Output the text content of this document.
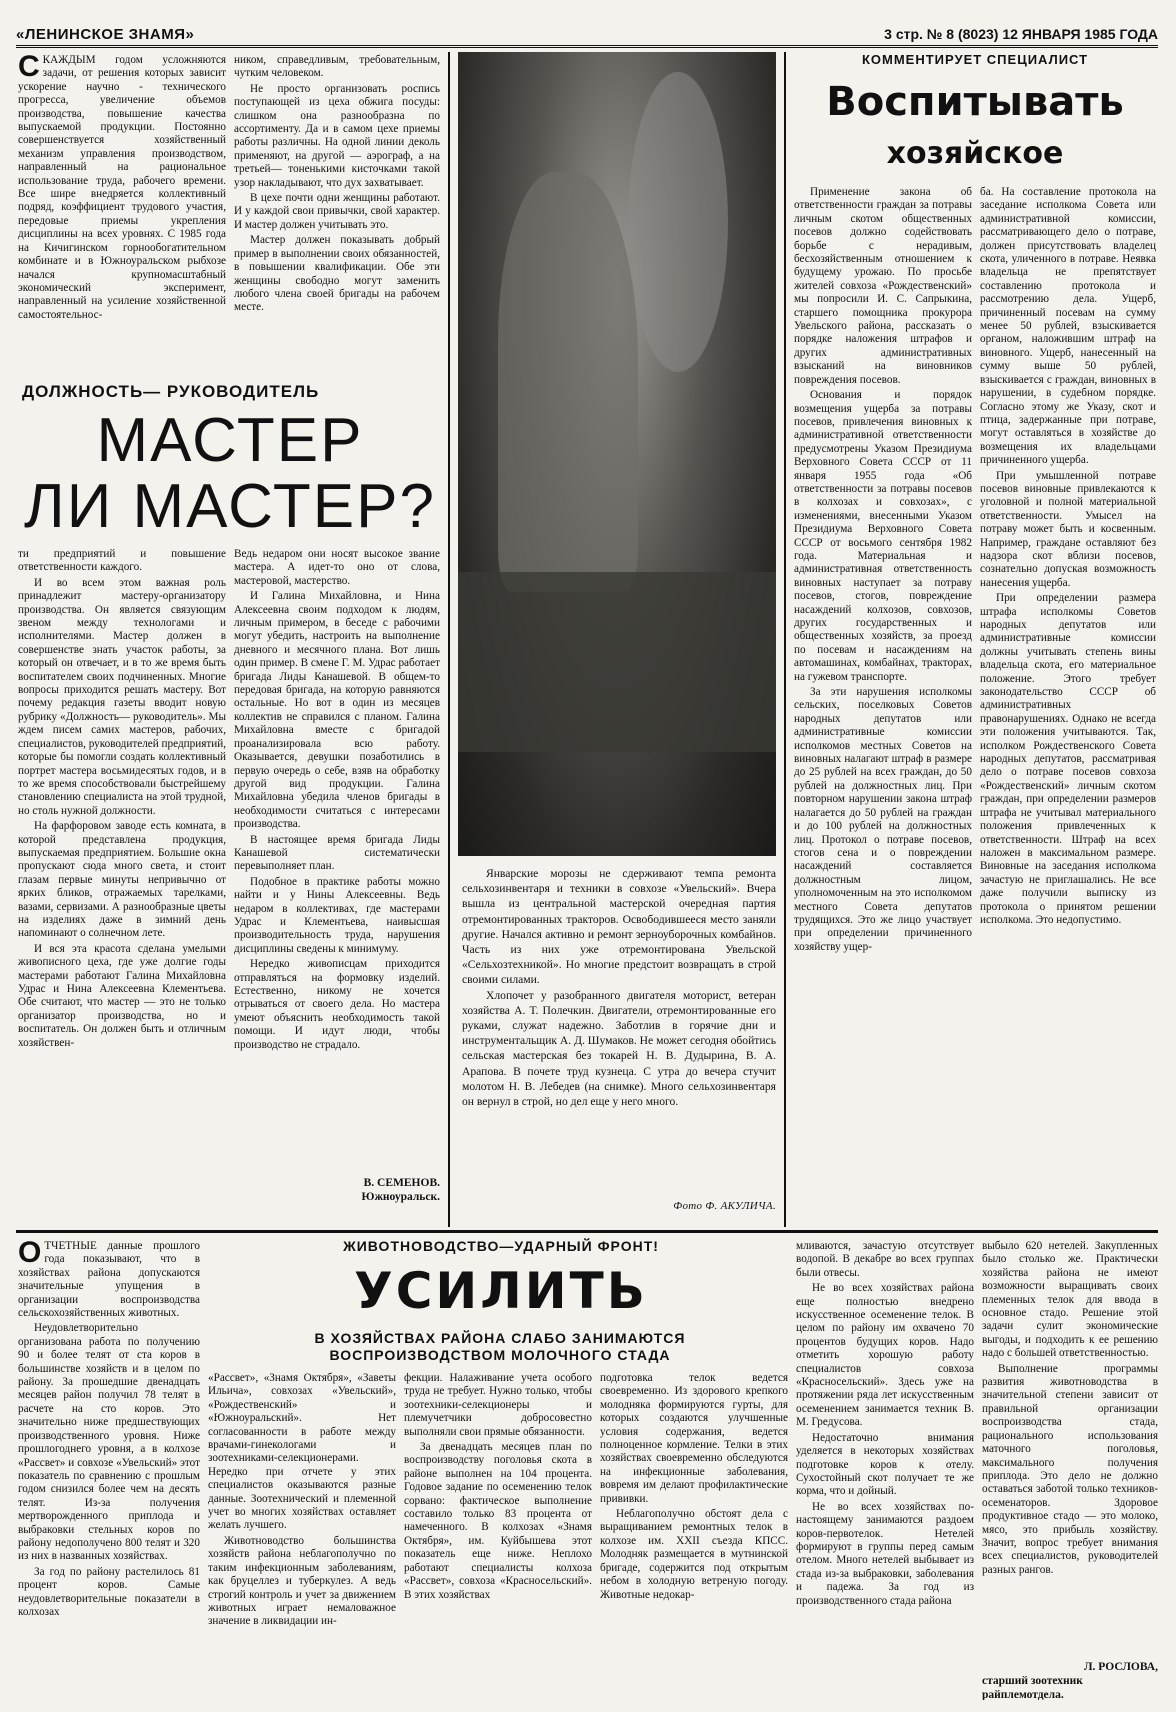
«ЛЕНИНСКОЕ ЗНАМЯ»	3 стр. № 8 (8023) 12 ЯНВАРЯ 1985 ГОДА

СКАЖДЫМ годом усложняются задачи, от решения которых зависит ускорение научно - технического прогресса, увеличение объемов производства, повышение качества выпускаемой продукции. Постоянно совершенствуется хозяйственный механизм управления производством, направленный на рациональное использование труда, рабочего времени. Все шире внедряется коллективный подряд, коэффициент трудового участия, передовые приемы укрепления дисциплины на всех уровнях. С 1985 года на Кичигинском горнообогатительном комбинате и в Южноуральском рыбхозе начался крупномасштабный экономический эксперимент, направленный на усиление хозяйственной самостоятельнос-

ником, справедливым, требовательным, чутким человеком.

Не просто организовать роспись поступающей из цеха обжига посуды: слишком она разнообразна по ассортименту. Да и в самом цехе приемы работы различны. На одной линии деколь применяют, на другой — аэрограф, а на третьей— тоненькими кисточками такой узор накладывают, что дух захватывает.

В цехе почти одни женщины работают. И у каждой свои привычки, свой характер. И мастер должен учитывать это.

Мастер должен показывать добрый пример в выполнении своих обязанностей, в повышении квалификации. Обе эти женщины свободно могут заменить любого члена своей бригады на рабочем месте.

ДОЛЖНОСТЬ— РУКОВОДИТЕЛЬ
МАСТЕР
ЛИ МАСТЕР?

ти предприятий и повышение ответственности каждого.

И во всем этом важная роль принадлежит мастеру-организатору производства. Он является связующим звеном между технологами и исполнителями. Мастер должен в совершенстве знать участок работы, за который он отвечает, и в то же время быть воспитателем своих подчиненных. Многие вопросы приходится решать мастеру. Вот почему редакция газеты вводит новую рубрику «Должность— руководитель». Мы ждем писем самих мастеров, рабочих, специалистов, руководителей предприятий, которые бы помогли создать коллективный портрет мастера восьмидесятых годов, и в то же время способствовали быстрейшему становлению специалиста на этой трудной, но столь нужной должности.

На фарфоровом заводе есть комната, в которой представлена продукция, выпускаемая предприятием. Большие окна пропускают сюда много света, и стоит глазам первые минуты непривычно от ярких бликов, отражаемых тарелками, вазами, сервизами. А разнообразные цветы на изделиях даже в зимний день напоминают о солнечном лете.

И вся эта красота сделана умелыми живописного цеха, где уже долгие годы мастерами работают Галина Михайловна Удрас и Нина Алексеевна Клементьева. Обе считают, что мастер — это не только организатор производства, но и воспитатель. Он должен быть и отличным хозяйствен-

Ведь недаром они носят высокое звание мастера. А идет-то оно от слова, мастеровой, мастерство.

И Галина Михайловна, и Нина Алексеевна своим подходом к людям, личным примером, в беседе с рабочими могут убедить, настроить на выполнение дневного и месячного плана. Вот лишь один пример. В смене Г. М. Удрас работает бригада Лиды Канашевой. В общем-то передовая бригада, на которую равняются остальные. Но вот в один из месяцев коллектив не справился с планом. Галина Михайловна вместе с бригадой проанализировала всю работу. Оказывается, девушки позаботились в первую очередь о себе, взяв на обработку другой вид продукции. Галина Михайловна убедила членов бригады в необходимости считаться с интересами производства.

В настоящее время бригада Лиды Канашевой систематически перевыполняет план.

Подобное в практике работы можно найти и у Нины Алексеевны. Ведь недаром в коллективах, где мастерами Удрас и Клементьева, наивысшая производительность труда, нарушения дисциплины сведены к минимуму.

Нередко живописцам приходится отправляться на формовку изделий. Естественно, никому не хочется отрываться от своего дела. Но мастера умеют объяснить необходимость такой помощи. И идут люди, чтобы производство не страдало.

В. СЕМЕНОВ.
Южноуральск.

Январские морозы не сдерживают темпа ремонта сельхозинвентаря и техники в совхозе «Увельский». Вчера вышла из центральной мастерской очередная партия отремонтированных тракторов. Освободившееся место заняли другие. Начался активно и ремонт зерноуборочных комбайнов. Часть из них уже отремонтирована Увельской «Сельхозтехникой». Но многие предстоит возвращать в строй своими силами.

Хлопочет у разобранного двигателя моторист, ветеран хозяйства А. Т. Полечкин. Двигатели, отремонтированные его руками, служат надежно. Заботлив в горячие дни и инструментальщик А. Д. Шумаков. Не может сегодня обойтись сельская мастерская без токарей Н. В. Дудырина, В. А. Арапова. В почете труд кузнеца. С утра до вечера стучит молотом Н. В. Лебедев (на снимке). Много сельхозинвентаря он вернул в строй, но дел еще у него много.

Фото Ф. АКУЛИЧА.
КОММЕНТИРУЕТ СПЕЦИАЛИСТ
Воспитывать
хозяйское

Применение закона об ответственности граждан за потравы личным скотом общественных посевов должно содействовать борьбе с нерадивым, бесхозяйственным отношением к будущему урожаю. По просьбе жителей совхоза «Рождественский» мы попросили И. С. Сапрыкина, старшего помощника прокурора Увельского района, рассказать о порядке наложения штрафов и других административных взысканий на виновников повреждения посевов.

Основания и порядок возмещения ущерба за потравы посевов, привлечения виновных к административной ответственности предусмотрены Указом Президиума Верховного Совета СССР от 11 января 1955 года «Об ответственности за потравы посевов в колхозах и совхозах», с изменениями, внесенными Указом Президиума Верховного Совета СССР от восьмого сентября 1982 года. Материальная и административная ответственность виновных наступает за потраву посевов, стогов, повреждение насаждений колхозов, совхозов, других государственных и общественных хозяйств, за проезд по посевам и насаждениям на автомашинах, комбайнах, тракторах, на гужевом транспорте.

За эти нарушения исполкомы сельских, поселковых Советов народных депутатов или административные комиссии исполкомов местных Советов на виновных налагают штраф в размере до 25 рублей на всех граждан, до 50 рублей на должностных лиц. При повторном нарушении закона штраф налагается до 50 рублей на граждан и до 100 рублей на должностных лиц. Протокол о потраве посевов, стогов сена и о повреждении насаждений составляется должностным лицом, уполномоченным на это исполкомом местного Совета депутатов трудящихся. Это же лицо участвует при определении причиненного хозяйству ущер-

ба. На составление протокола на заседание исполкома Совета или административной комиссии, рассматривающего дело о потраве, должен присутствовать владелец скота, уличенного в потраве. Неявка владельца не препятствует составлению протокола и рассмотрению дела. Ущерб, причиненный посевам на сумму менее 50 рублей, взыскивается органом, наложившим штраф на виновного. Ущерб, нанесенный на сумму выше 50 рублей, взыскивается с граждан, виновных в нарушении, в судебном порядке. Согласно этому же Указу, скот и птица, задержанные при потраве, могут оставляться в хозяйстве до возмещения их владельцами причиненного ущерба.

При умышленной потраве посевов виновные привлекаются к уголовной и полной материальной ответственности. Умысел на потраву может быть и косвенным. Например, граждане оставляют без надзора скот вблизи посевов, сознательно допуская возможность нанесения ущерба.

При определении размера штрафа исполкомы Советов народных депутатов или административные комиссии должны учитывать степень вины владельца скота, его материальное положение. Этого требует законодательство СССР об административных правонарушениях. Однако не всегда эти положения учитываются. Так, исполком Рождественского Совета народных депутатов, рассматривая дело о потраве посевов совхоза «Рождественский» личным скотом граждан, при определении размеров штрафа не учитывал материального положения привлеченных к ответственности. Штраф на всех наложен в максимальном размере. Виновные на заседания исполкома зачастую не приглашались. Не все даже получили выписку из протокола о принятом решении исполкома. Это недопустимо.

ОТЧЕТНЫЕ данные прошлого года показывают, что в хозяйствах района допускаются значительные упущения в организации воспроизводства сельскохозяйственных животных.

Неудовлетворительно организована работа по получению 90 и более телят от ста коров в большинстве хозяйств и в целом по району. За прошедшие двенадцать месяцев район получил 78 телят в расчете на сто коров. Это значительно ниже предшествующих производственного уровня. Ниже прошлогоднего уровня, а в колхозе «Рассвет» и совхозе «Увельский» этот показатель по сравнению с прошлым годом снизился более чем на десять телят. Из-за получения мертворожденного приплода и выбраковки стельных коров по району недополучено 800 телят и 320 из них в названных хозяйствах.

За год по району растелилось 81 процент коров. Самые неудовлетворительные показатели в колхозах

ЖИВОТНОВОДСТВО—УДАРНЫЙ ФРОНТ!
УСИЛИТЬ
В ХОЗЯЙСТВАХ РАЙОНА СЛАБО ЗАНИМАЮТСЯ ВОСПРОИЗВОДСТВОМ МОЛОЧНОГО СТАДА

«Рассвет», «Знамя Октября», «Заветы Ильича», совхозах «Увельский», «Рождественский» и «Южноуральский». Нет согласованности в работе между врачами-гинекологами и зоотехниками-селекционерами. Нередко при отчете у этих специалистов оказываются разные данные. Зоотехнический и племенной учет во многих хозяйствах оставляет желать лучшего.

Животноводство большинства хозяйств района неблагополучно по таким инфекционным заболеваниям, как бруцеллез и туберкулез. А ведь строгий контроль и учет за движением животных играет немаловажное значение в ликвидации ин-

фекции. Налаживание учета особого труда не требует. Нужно только, чтобы зоотехники-селекционеры и племучетчики добросовестно выполняли свои прямые обязанности.

За двенадцать месяцев план по воспроизводству поголовья скота в районе выполнен на 104 процента. Годовое задание по осеменению телок сорвано: фактическое выполнение составило только 83 процента от намеченного. В колхозах «Знамя Октября», им. Куйбышева этот показатель еще ниже. Неплохо работают специалисты колхоза «Рассвет», совхоза «Красносельский». В этих хозяйствах

подготовка телок ведется своевременно. Из здорового крепкого молодняка формируются гурты, для которых создаются улучшенные условия содержания, ведется полноценное кормление. Телки в этих хозяйствах своевременно обследуются на инфекционные заболевания, вовремя им делают профилактические прививки.

Неблагополучно обстоят дела с выращиванием ремонтных телок в колхозе им. XXII съезда КПСС. Молодняк размещается в мутнинской бригаде, содержится под открытым небом в холодную ветреную погоду. Животные недокар-

мливаются, зачастую отсутствует водопой. В декабре во всех группах были отвесы.

Не во всех хозяйствах района еще полностью внедрено искусственное осеменение телок. В целом по району им охвачено 70 процентов будущих коров. Надо отметить хорошую работу специалистов совхоза «Красносельский». Здесь уже на протяжении ряда лет искусственным осеменением занимается техник В. М. Гредусова.

Недостаточно внимания уделяется в некоторых хозяйствах подготовке коров к отелу. Сухостойный скот получает те же корма, что и дойный.

Не во всех хозяйствах по-настоящему занимаются раздоем коров-первотелок. Нетелей формируют в группы перед самым отелом. Много нетелей выбывает из стада из-за выбраковки, заболевания и падежа. За год из производственного стада района

выбыло 620 нетелей. Закупленных было столько же. Практически хозяйства района не имеют возможности выращивать своих племенных телок для ввода в основное стадо. Решение этой задачи сулит экономические выгоды, и подходить к ее решению надо с большей ответственностью.

Выполнение программы развития животноводства в значительной степени зависит от правильной организации воспроизводства стада, рационального использования маточного поголовья, максимального получения приплода. Это дело не должно оставаться заботой только техников-осеменаторов. Здоровое продуктивное стадо — это молоко, мясо, это прибыль хозяйству. Значит, вопрос требует внимания всех специалистов, руководителей разных рангов.

Л. РОСЛОВА,
старший зоотехник райплемотдела.
